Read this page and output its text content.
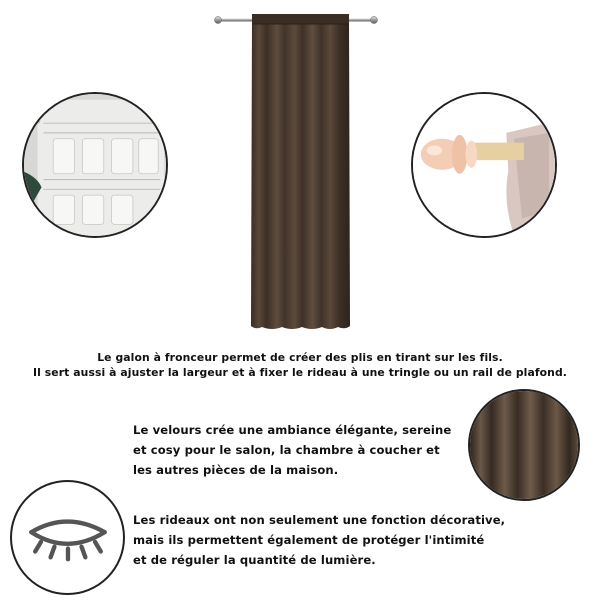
Le galon à fronceur permet de créer des plis en tirant sur les fils.
Il sert aussi à ajuster la largeur et à fixer le rideau à une tringle ou un rail de plafond.
Le velours crée une ambiance élégante, sereine
et cosy pour le salon, la chambre à coucher et
les autres pièces de la maison.
Les rideaux ont non seulement une fonction décorative,
mais ils permettent également de protéger l'intimité
et de réguler la quantité de lumière.
